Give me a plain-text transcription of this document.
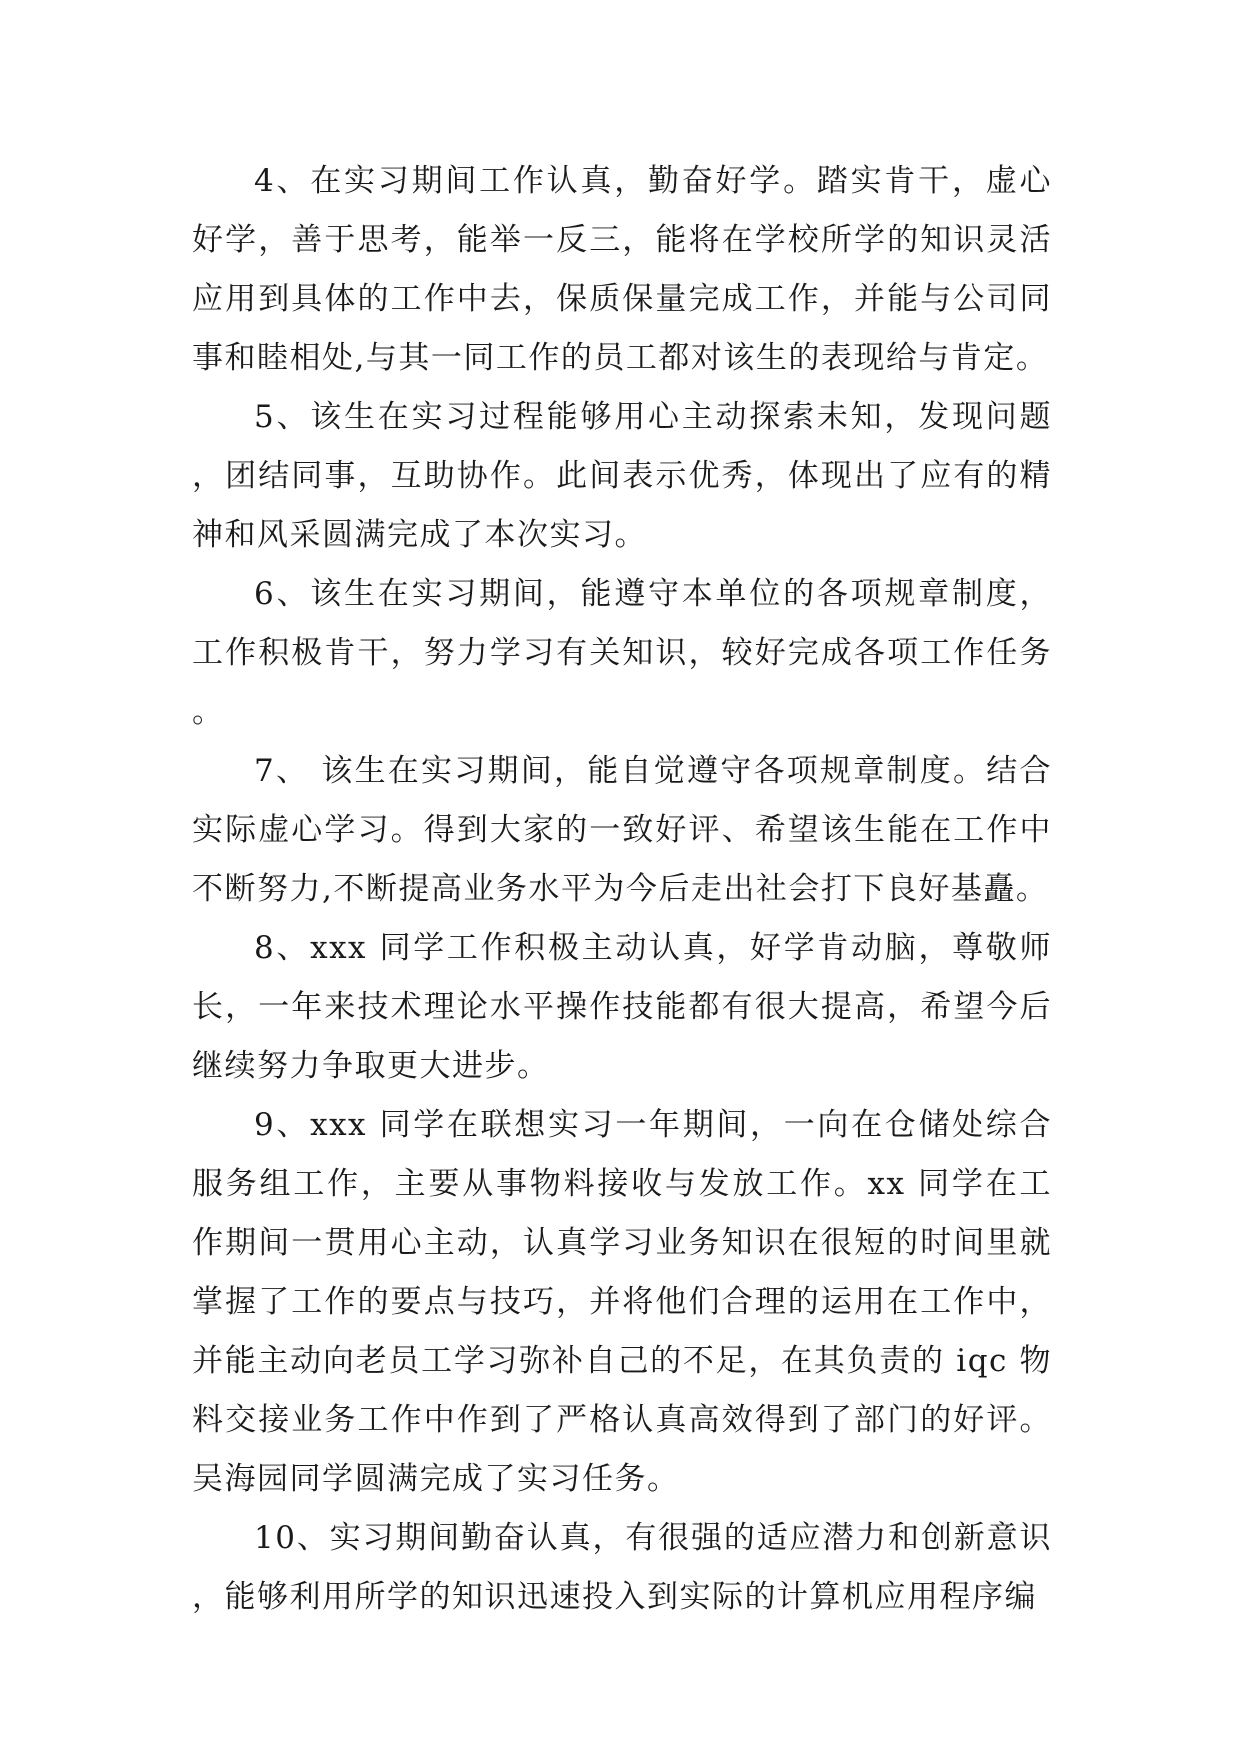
4、在实习期间工作认真，勤奋好学。踏实肯干，虚心好学，善于思考，能举一反三，能将在学校所学的知识灵活应用到具体的工作中去，保质保量完成工作，并能与公司同事和睦相处,与其一同工作的员工都对该生的表现给与肯定。

5、该生在实习过程能够用心主动探索未知，发现问题，团结同事，互助协作。此间表示优秀，体现出了应有的精神和风采圆满完成了本次实习。

6、该生在实习期间，能遵守本单位的各项规章制度，工作积极肯干，努力学习有关知识，较好完成各项工作任务。

7、 该生在实习期间，能自觉遵守各项规章制度。结合实际虚心学习。得到大家的一致好评、希望该生能在工作中不断努力,不断提高业务水平为今后走出社会打下良好基矗。

8、xxx 同学工作积极主动认真，好学肯动脑，尊敬师长，一年来技术理论水平操作技能都有很大提高，希望今后继续努力争取更大进步。

9、xxx 同学在联想实习一年期间，一向在仓储处综合服务组工作，主要从事物料接收与发放工作。xx 同学在工作期间一贯用心主动，认真学习业务知识在很短的时间里就掌握了工作的要点与技巧，并将他们合理的运用在工作中，并能主动向老员工学习弥补自己的不足，在其负责的 iqc 物料交接业务工作中作到了严格认真高效得到了部门的好评。吴海园同学圆满完成了实习任务。

10、实习期间勤奋认真，有很强的适应潜力和创新意识，能够利用所学的知识迅速投入到实际的计算机应用程序编
